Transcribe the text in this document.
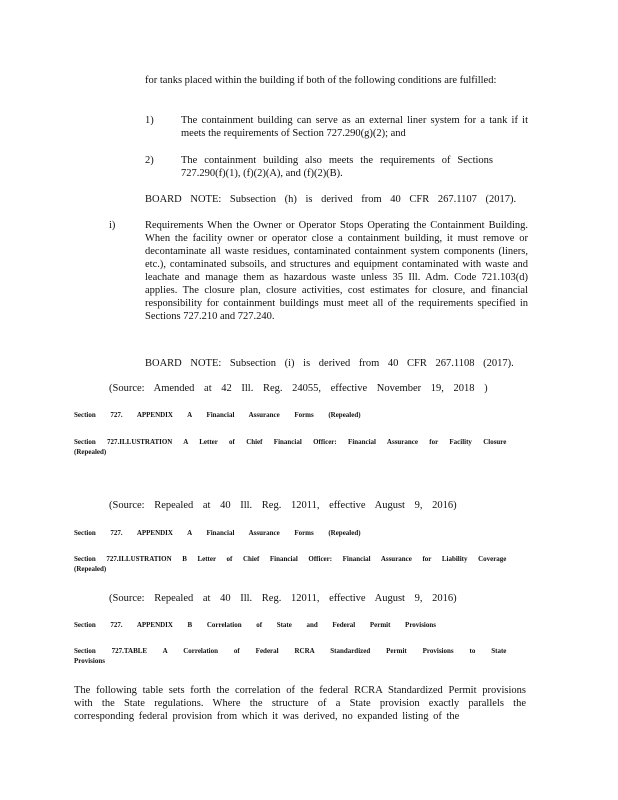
for tanks placed within the building if both of the following conditions are fulfilled:
1)	The containment building can serve as an external liner system for a tank if it meets the requirements of Section 727.290(g)(2); and
2)	The containment building also meets the requirements of Sections 727.290(f)(1), (f)(2)(A), and (f)(2)(B).
BOARD NOTE: Subsection (h) is derived from 40 CFR 267.1107 (2017).
i)	Requirements When the Owner or Operator Stops Operating the Containment Building. When the facility owner or operator close a containment building, it must remove or decontaminate all waste residues, contaminated containment system components (liners, etc.), contaminated subsoils, and structures and equipment contaminated with waste and leachate and manage them as hazardous waste unless 35 Ill. Adm. Code 721.103(d) applies. The closure plan, closure activities, cost estimates for closure, and financial responsibility for containment buildings must meet all of the requirements specified in Sections 727.210 and 727.240.
BOARD NOTE: Subsection (i) is derived from 40 CFR 267.1108 (2017).
(Source: Amended at 42 Ill. Reg. 24055, effective November 19, 2018 )
Section 727. APPENDIX A Financial Assurance Forms (Repealed)
Section 727.ILLUSTRATION A Letter of Chief Financial Officer: Financial Assurance for Facility Closure (Repealed)
(Source: Repealed at 40 Ill. Reg. 12011, effective August 9, 2016)
Section 727. APPENDIX A Financial Assurance Forms (Repealed)
Section 727.ILLUSTRATION B Letter of Chief Financial Officer: Financial Assurance for Liability Coverage (Repealed)
(Source: Repealed at 40 Ill. Reg. 12011, effective August 9, 2016)
Section 727. APPENDIX B Correlation of State and Federal Permit Provisions
Section 727.TABLE A Correlation of Federal RCRA Standardized Permit Provisions to State Provisions
The following table sets forth the correlation of the federal RCRA Standardized Permit provisions with the State regulations. Where the structure of a State provision exactly parallels the corresponding federal provision from which it was derived, no expanded listing of the
